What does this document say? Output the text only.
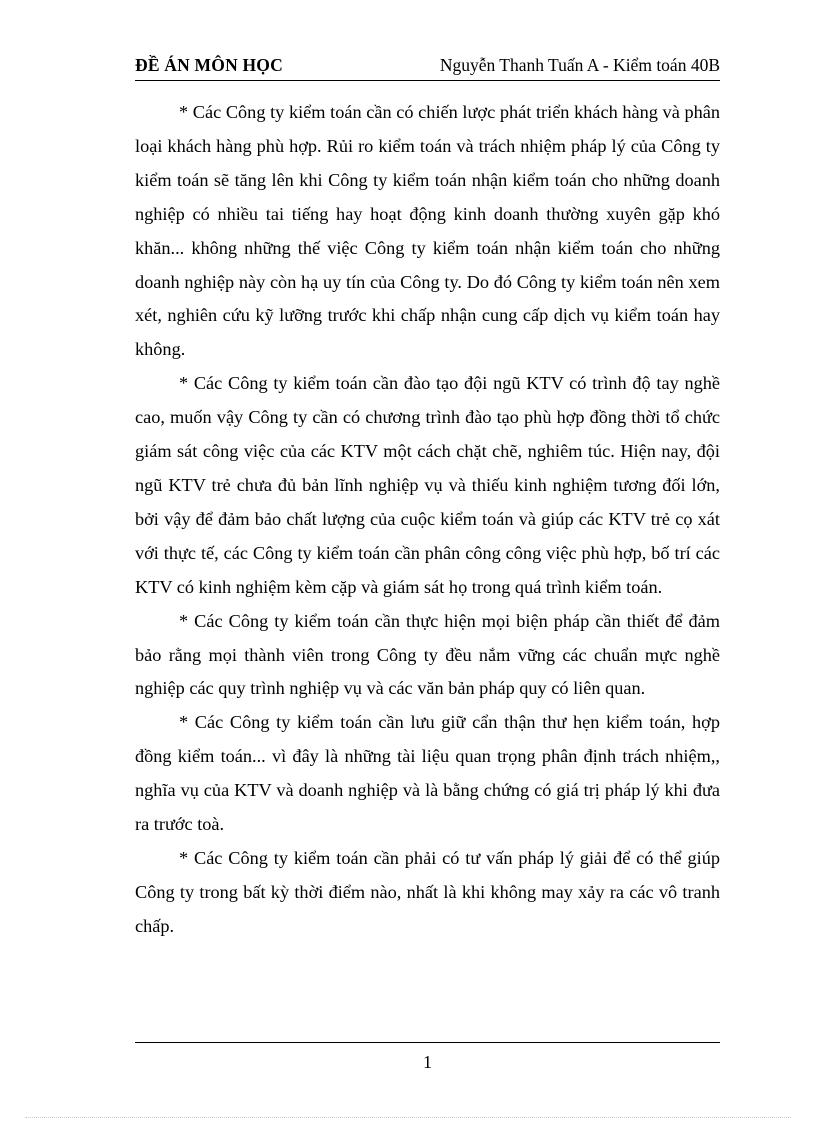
ĐỀ ÁN MÔN HỌC	Nguyễn Thanh Tuấn A - Kiểm toán 40B

* Các Công ty kiểm toán cần có chiến lược phát triển khách hàng và phân loại khách hàng phù hợp. Rủi ro kiểm toán và trách nhiệm pháp lý của Công ty kiểm toán sẽ tăng lên khi Công ty kiểm toán nhận kiểm toán cho những doanh nghiệp có nhiều tai tiếng hay hoạt động kinh doanh thường xuyên gặp khó khăn... không những thế việc Công ty kiểm toán nhận kiểm toán cho những doanh nghiệp này còn hạ uy tín của Công ty. Do đó Công ty kiểm toán nên xem xét, nghiên cứu kỹ lưỡng trước khi chấp nhận cung cấp dịch vụ kiểm toán hay không.

* Các Công ty kiểm toán cần đào tạo đội ngũ KTV có trình độ tay nghề cao, muốn vậy Công ty cần có chương trình đào tạo phù hợp đồng thời tổ chức giám sát công việc của các KTV một cách chặt chẽ, nghiêm túc. Hiện nay, đội ngũ KTV trẻ chưa đủ bản lĩnh nghiệp vụ và thiếu kinh nghiệm tương đối lớn, bởi vậy để đảm bảo chất lượng của cuộc kiểm toán và giúp các KTV trẻ cọ xát với thực tế, các Công ty kiểm toán cần phân công công việc phù hợp, bố trí các KTV có kinh nghiệm kèm cặp và giám sát họ trong quá trình kiểm toán.

* Các Công ty kiểm toán cần thực hiện mọi biện pháp cần thiết để đảm bảo rằng mọi thành viên trong Công ty đều nắm vững các chuẩn mực nghề nghiệp các quy trình nghiệp vụ và các văn bản pháp quy có liên quan.

* Các Công ty kiểm toán cần lưu giữ cẩn thận thư hẹn kiểm toán, hợp đồng kiểm toán... vì đây là những tài liệu quan trọng phân định trách nhiệm,, nghĩa vụ của KTV và doanh nghiệp và là bằng chứng có giá trị pháp lý khi đưa ra trước toà.

* Các Công ty kiểm toán cần phải có tư vấn pháp lý giải để có thể giúp Công ty trong bất kỳ thời điểm nào, nhất là khi không may xảy ra các vô tranh chấp.

1
